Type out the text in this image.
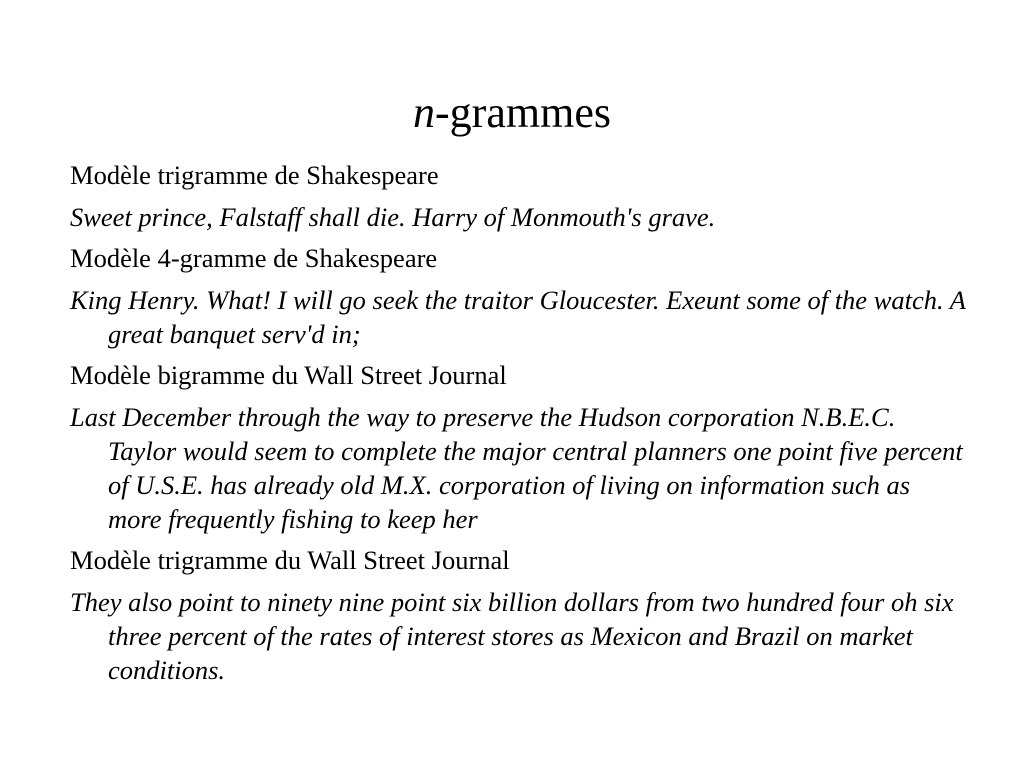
n-grammes

Modèle trigramme de Shakespeare

Sweet prince, Falstaff shall die. Harry of Monmouth's grave.

Modèle 4-gramme de Shakespeare

King Henry. What! I will go seek the traitor Gloucester. Exeunt some of the watch. A great banquet serv'd in;

Modèle bigramme du Wall Street Journal

Last December through the way to preserve the Hudson corporation N.B.E.C. Taylor would seem to complete the major central planners one point five percent of U.S.E. has already old M.X. corporation of living on information such as more frequently fishing to keep her

Modèle trigramme du Wall Street Journal

They also point to ninety nine point six billion dollars from two hundred four oh six three percent of the rates of interest stores as Mexicon and Brazil on market conditions.
